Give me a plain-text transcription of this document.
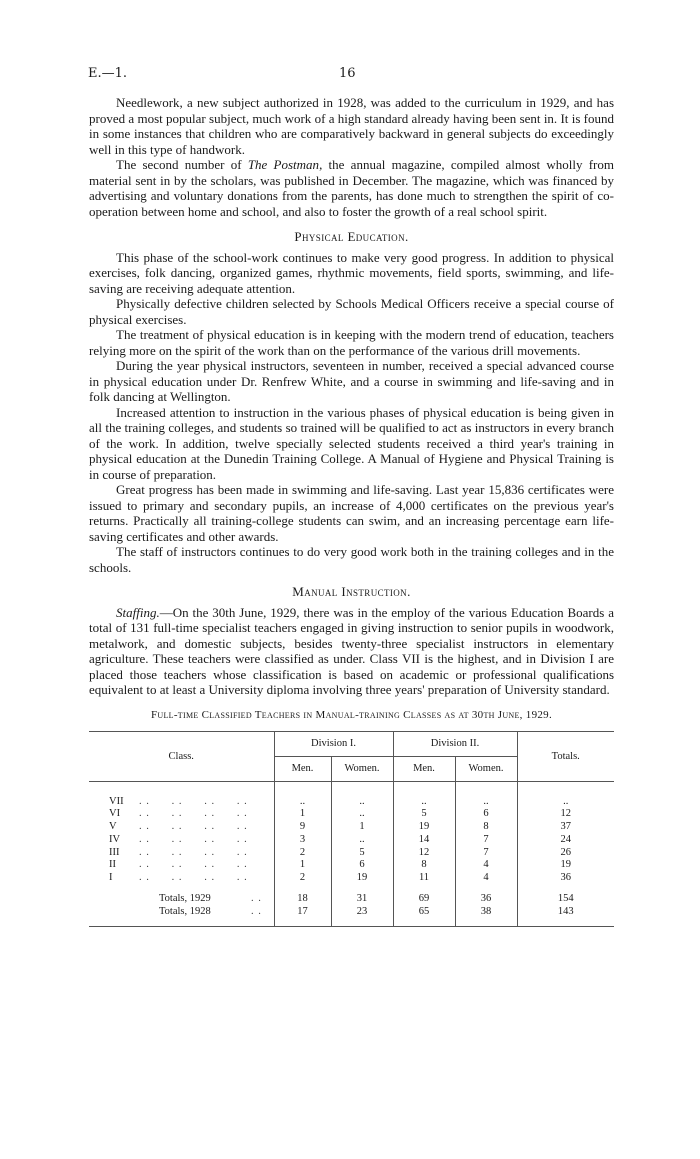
E.—1.	16

Needlework, a new subject authorized in 1928, was added to the curriculum in 1929, and has proved a most popular subject, much work of a high standard already having been sent in. It is found in some instances that children who are comparatively backward in general subjects do exceedingly well in this type of handwork.

The second number of The Postman, the annual magazine, compiled almost wholly from material sent in by the scholars, was published in December. The magazine, which was financed by advertising and voluntary donations from the parents, has done much to strengthen the spirit of co-operation between home and school, and also to foster the growth of a real school spirit.

Physical Education.

This phase of the school-work continues to make very good progress. In addition to physical exercises, folk dancing, organized games, rhythmic movements, field sports, swimming, and life-saving are receiving adequate attention.

Physically defective children selected by Schools Medical Officers receive a special course of physical exercises.

The treatment of physical education is in keeping with the modern trend of education, teachers relying more on the spirit of the work than on the performance of the various drill movements.

During the year physical instructors, seventeen in number, received a special advanced course in physical education under Dr. Renfrew White, and a course in swimming and life-saving and in folk dancing at Wellington.

Increased attention to instruction in the various phases of physical education is being given in all the training colleges, and students so trained will be qualified to act as instructors in every branch of the work. In addition, twelve specially selected students received a third year's training in physical education at the Dunedin Training College. A Manual of Hygiene and Physical Training is in course of preparation.

Great progress has been made in swimming and life-saving. Last year 15,836 certificates were issued to primary and secondary pupils, an increase of 4,000 certificates on the previous year's returns. Practically all training-college students can swim, and an increasing percentage earn life-saving certificates and other awards.

The staff of instructors continues to do very good work both in the training colleges and in the schools.

Manual Instruction.

Staffing.—On the 30th June, 1929, there was in the employ of the various Education Boards a total of 131 full-time specialist teachers engaged in giving instruction to senior pupils in woodwork, metalwork, and domestic subjects, besides twenty-three specialist instructors in elementary agriculture. These teachers were classified as under. Class VII is the highest, and in Division I are placed those teachers whose classification is based on academic or professional qualifications equivalent to at least a University diploma involving three years' preparation of University standard.

Full-time Classified Teachers in Manual-training Classes as at 30th June, 1929.
Class.	Division I.		Division II.		Totals.
	Men.	Women.	Men.	Women.	

VII . .      . .      . .      . .	..	..	..	..	..
VI . .      . .      . .      . .	1	..	5	6	12
V . .      . .      . .      . .	9	1	19	8	37
IV . .      . .      . .      . .	3	..	14	7	24
III . .      . .      . .      . .	2	5	12	7	26
II . .      . .      . .      . .	1	6	8	4	19
I . .      . .      . .      . .	2	19	11	4	36

Totals, 1929 . .	18	31	69	36	154
Totals, 1928 . .	17	23	65	38	143
